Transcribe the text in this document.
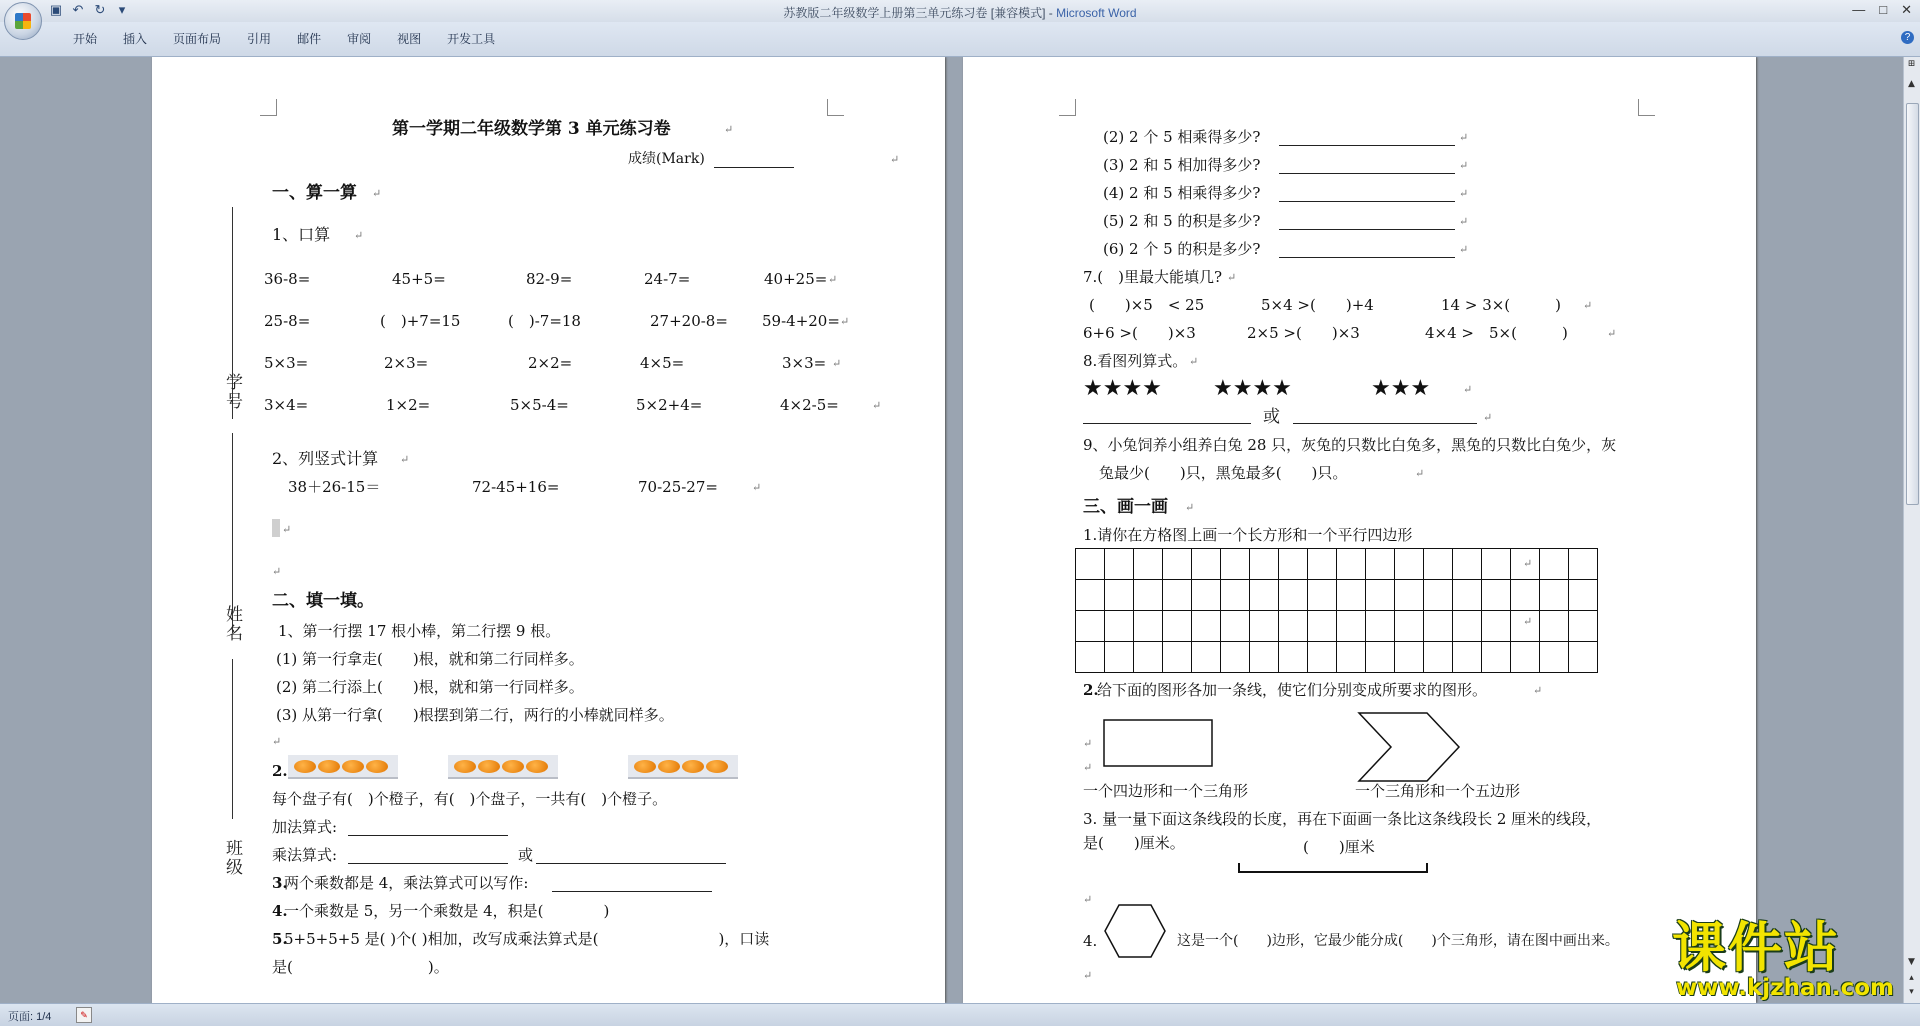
▣ ↶ ↻	▾	苏教版二年级数学上册第三单元练习卷 [兼容模式] - Microsoft Word	— □ ✕
开始	插入	页面布局	引用	邮件	审阅	视图	开发工具	?
第一学期二年级数学第 3 单元练习卷
成绩(Mark)
学号
姓名
班级
一、算一算
1、口算
36-8=	45+5=	82-9=	24-7=	40+25=
25-8=	(　)+7=15	(　)-7=18	27+20-8= 59-4+20=
5×3=	2×3=	2×2=	4×5=	3×3=
3×4=	1×2=	5×5-4=	5×2+4=	4×2-5=
2、列竖式计算
38＋26-15＝	72-45+16=	70-25-27=
二、填一填。
1、第一行摆 17 根小棒，第二行摆 9 根。
(1) 第一行拿走(　　)根，就和第二行同样多。
(2) 第二行添上(　　)根，就和第一行同样多。
(3) 从第一行拿(　　)根摆到第二行，两行的小棒就同样多。
2.
每个盘子有(　)个橙子，有(　)个盘子，一共有(　)个橙子。
加法算式:
乘法算式:	或
3.
两个乘数都是 4，乘法算式可以写作:
4.
一个乘数是 5，另一个乘数是 4，积是(　　　　)
5.
5+5+5+5 是( )个( )相加，改写成乘法算式是(　　　　　　　　)，口读
是(　　　　　　　　　)。
↵
↵
↵
↵
↵
↵
↵
↵
↵
↵
↵
↵
↵
(2) 2 个 5 相乘得多少?
(3) 2 和 5 相加得多少?
(4) 2 和 5 相乘得多少?
(5) 2 和 5 的积是多少?
(6) 2 个 5 的积是多少?
7.(　)里最大能填几?
(　　)×5　< 25	5×4 >(　　)+4	14 > 3×(　　　)
6+6 >(　　)×3	2×5 >(　　)×3	4×4 >　5×(　　　)
8.看图列算式。
★★★★ ★★★★	★★★
或
9、小兔饲养小组养白兔 28 只，灰兔的只数比白兔多，黑兔的只数比白兔少，灰
兔最少(　　)只，黑兔最多(　　)只。
三、画一画
1.请你在方格图上画一个长方形和一个平行四边形

2.
给下面的图形各加一条线，使它们分别变成所要求的图形。
一个四边形和一个三角形	一个三角形和一个五边形
3. 量一量下面这条线段的长度，再在下面画一条比这条线段长 2 厘米的线段，
是(　　)厘米。	(　　)厘米
4.	这是一个(　　)边形，它最少能分成(　　)个三角形，请在图中画出来。
↵
↵
↵
↵
↵
↵
↵
↵
↵
↵
↵
↵
↵
↵
↵
↵
↵
↵
↵
↵
⊞
▲
▼
▴
▾
页面: 1/4	✎
课件站
www.kjzhan.com
